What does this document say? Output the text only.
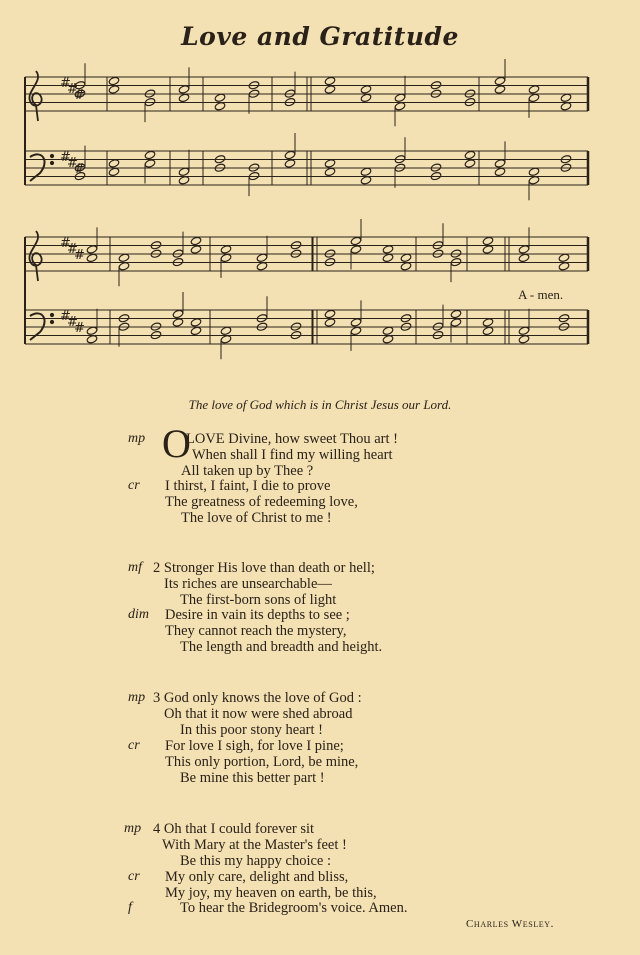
Love and Gratitude
#
#
#
#
#
#
#
#
#
#
#
#
A - men.
The love of God which is in Christ Jesus our Lord.
mp O
LOVE Divine, how sweet Thou art !
When shall I find my willing heart
All taken up by Thee ?
cr I thirst, I faint, I die to prove
The greatness of redeeming love,
The love of Christ to me !
mf 2 Stronger His love than death or hell;
Its riches are unsearchable—
The first-born sons of light
dim Desire in vain its depths to see ;
They cannot reach the mystery,
The length and breadth and height.
mp 3 God only knows the love of God :
Oh that it now were shed abroad
In this poor stony heart !
cr For love I sigh, for love I pine;
This only portion, Lord, be mine,
Be mine this better part !
mp 4 Oh that I could forever sit
With Mary at the Master's feet !
Be this my happy choice :
cr My only care, delight and bliss,
My joy, my heaven on earth, be this,
f	To hear the Bridegroom's voice. Amen.
Charles Wesley.
